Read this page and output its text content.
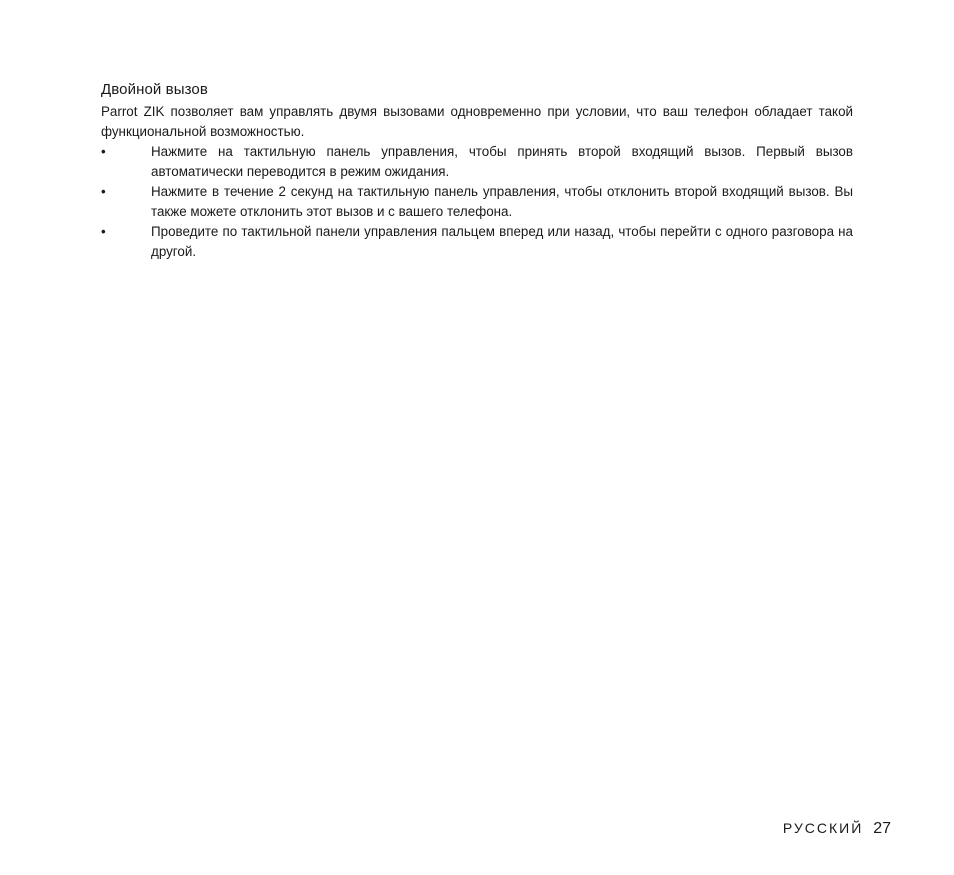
Двойной вызов

Parrot ZIK позволяет вам управлять двумя вызовами одновременно при условии, что ваш телефон обладает такой функциональной возможностью.

•	Нажмите на тактильную панель управления, чтобы принять второй входящий вызов. Первый вызов автоматически переводится в режим ожидания.
•	Нажмите в течение 2 секунд на тактильную панель управления, чтобы отклонить второй входящий вызов. Вы также можете отклонить этот вызов и с вашего телефона.
•	Проведите по тактильной панели управления пальцем вперед или назад, чтобы перейти с одного разговора на другой.
РУССКИЙ 27
